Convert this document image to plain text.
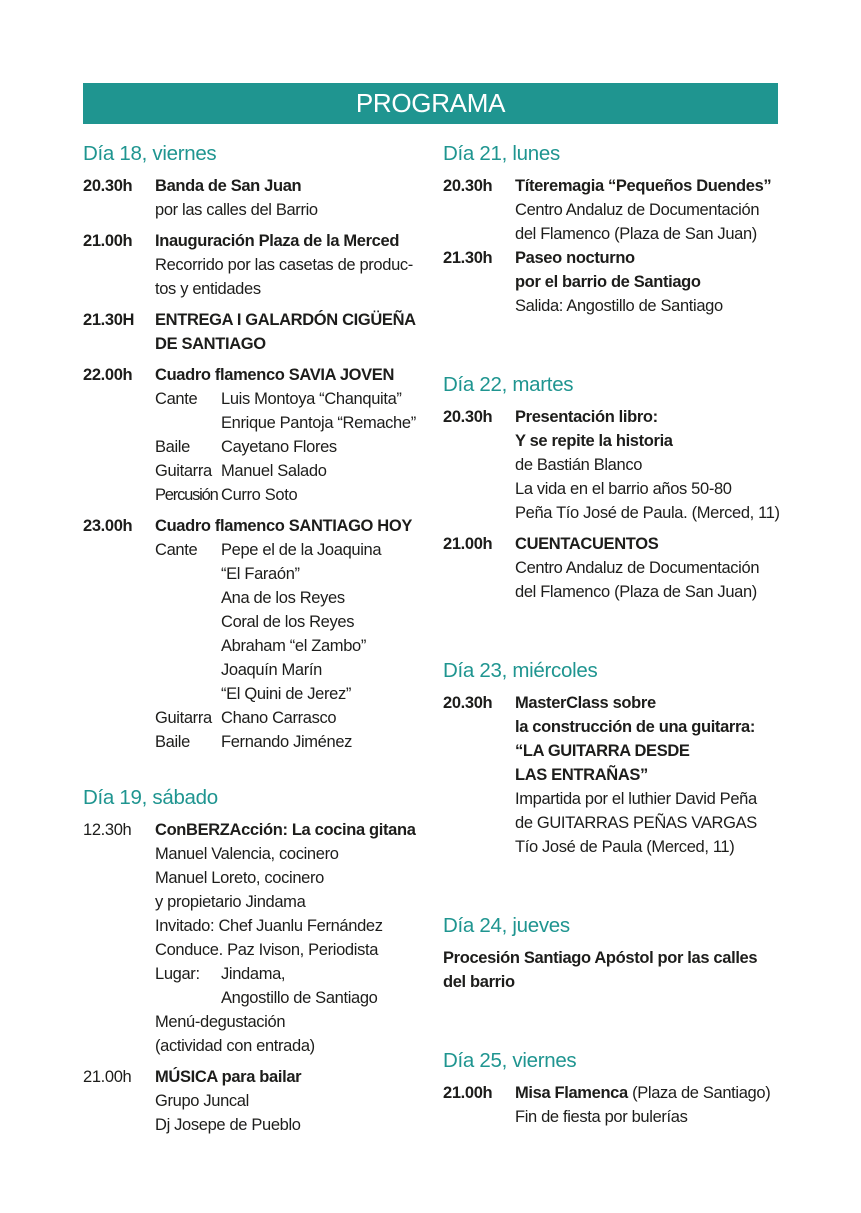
PROGRAMA
Día 18, viernes
20.30h	Banda de San Juan
por las calles del Barrio
21.00h	Inauguración Plaza de la Merced
Recorrido por las casetas de produc-
tos y entidades
21.30H	ENTREGA I GALARDÓN CIGÜEÑA
DE SANTIAGO
22.00h	Cuadro flamenco SAVIA JOVEN
Cante	Luis Montoya “Chanquita”
Enrique Pantoja “Remache”
Baile	Cayetano Flores
Guitarra Manuel Salado
Percusión Curro Soto
23.00h	Cuadro flamenco SANTIAGO HOY
Cante	Pepe el de la Joaquina
“El Faraón”
Ana de los Reyes
Coral de los Reyes
Abraham “el Zambo”
Joaquín Marín
“El Quini de Jerez”
Guitarra Chano Carrasco
Baile	Fernando Jiménez
Día 19, sábado
12.30h	ConBERZAcción: La cocina gitana
Manuel Valencia, cocinero
Manuel Loreto, cocinero
y propietario Jindama
Invitado: Chef Juanlu Fernández
Conduce. Paz Ivison, Periodista
Lugar:	Jindama,
Angostillo de Santiago
Menú-degustación
(actividad con entrada)
21.00h	MÚSICA para bailar
Grupo Juncal
Dj Josepe de Pueblo
Día 21, lunes
20.30h	Títeremagia “Pequeños Duendes”
Centro Andaluz de Documentación
del Flamenco (Plaza de San Juan)
21.30h	Paseo nocturno
por el barrio de Santiago
Salida: Angostillo de Santiago
Día 22, martes
20.30h	Presentación libro:
Y se repite la historia
de Bastián Blanco
La vida en el barrio años 50-80
Peña Tío José de Paula. (Merced, 11)
21.00h	CUENTACUENTOS
Centro Andaluz de Documentación
del Flamenco (Plaza de San Juan)
Día 23, miércoles
20.30h	MasterClass sobre
la construcción de una guitarra:
“LA GUITARRA DESDE
LAS ENTRAÑAS”
Impartida por el luthier David Peña
de GUITARRAS PEÑAS VARGAS
Tío José de Paula (Merced, 11)
Día 24, jueves
Procesión Santiago Apóstol por las calles
del barrio
Día 25, viernes
21.00h	Misa Flamenca (Plaza de Santiago)
Fin de fiesta por bulerías
